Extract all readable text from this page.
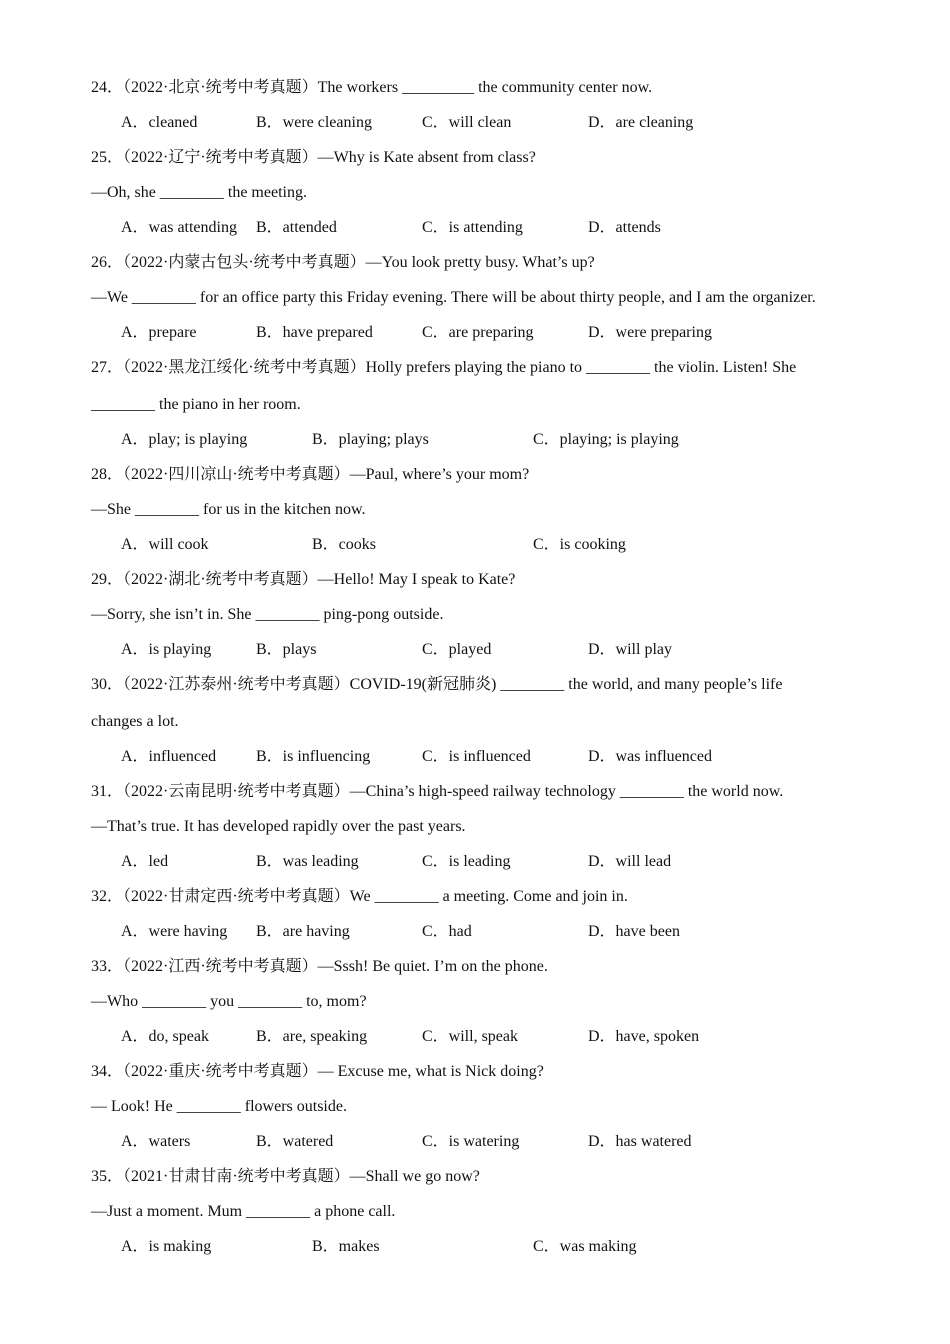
24．（2022·北京·统考中考真题）The workers _________ the community center now.
A．cleaned	B．were cleaning	C．will clean	D．are cleaning
25．（2022·辽宁·统考中考真题）—Why is Kate absent from class?
—Oh, she ________ the meeting.
A．was attending B．attended	C．is attending	D．attends
26．（2022·内蒙古包头·统考中考真题）—You look pretty busy. What’s up?
—We ________ for an office party this Friday evening. There will be about thirty people, and I am the organizer.
A．prepare	B．have prepared	C．are preparing	D．were preparing
27．（2022·黑龙江绥化·统考中考真题）Holly prefers playing the piano to ________ the violin. Listen! She
________ the piano in her room.
A．play; is playing	B．playing; plays	C．playing; is playing
28．（2022·四川凉山·统考中考真题）—Paul, where’s your mom?
—She ________ for us in the kitchen now.
A．will cook	B．cooks	C．is cooking
29．（2022·湖北·统考中考真题）—Hello! May I speak to Kate?
—Sorry, she isn’t in. She ________ ping-pong outside.
A．is playing	B．plays	C．played	D．will play
30．（2022·江苏泰州·统考中考真题）COVID-19(新冠肺炎) ________ the world, and many people’s life
changes a lot.
A．influenced B．is influencing	C．is influenced	D．was influenced
31．（2022·云南昆明·统考中考真题）—China’s high-speed railway technology ________ the world now.
—That’s true. It has developed rapidly over the past years.
A．led	B．was leading	C．is leading	D．will lead
32．（2022·甘肃定西·统考中考真题）We ________ a meeting. Come and join in.
A．were having B．are having	C．had	D．have been
33．（2022·江西·统考中考真题）—Sssh! Be quiet. I’m on the phone.
—Who ________ you ________ to, mom?
A．do, speak	B．are, speaking	C．will, speak	D．have, spoken
34．（2022·重庆·统考中考真题）— Excuse me, what is Nick doing?
— Look! He ________ flowers outside.
A．waters	B．watered	C．is watering	D．has watered
35．（2021·甘肃甘南·统考中考真题）—Shall we go now?
—Just a moment. Mum ________ a phone call.
A．is making	B．makes	C．was making
